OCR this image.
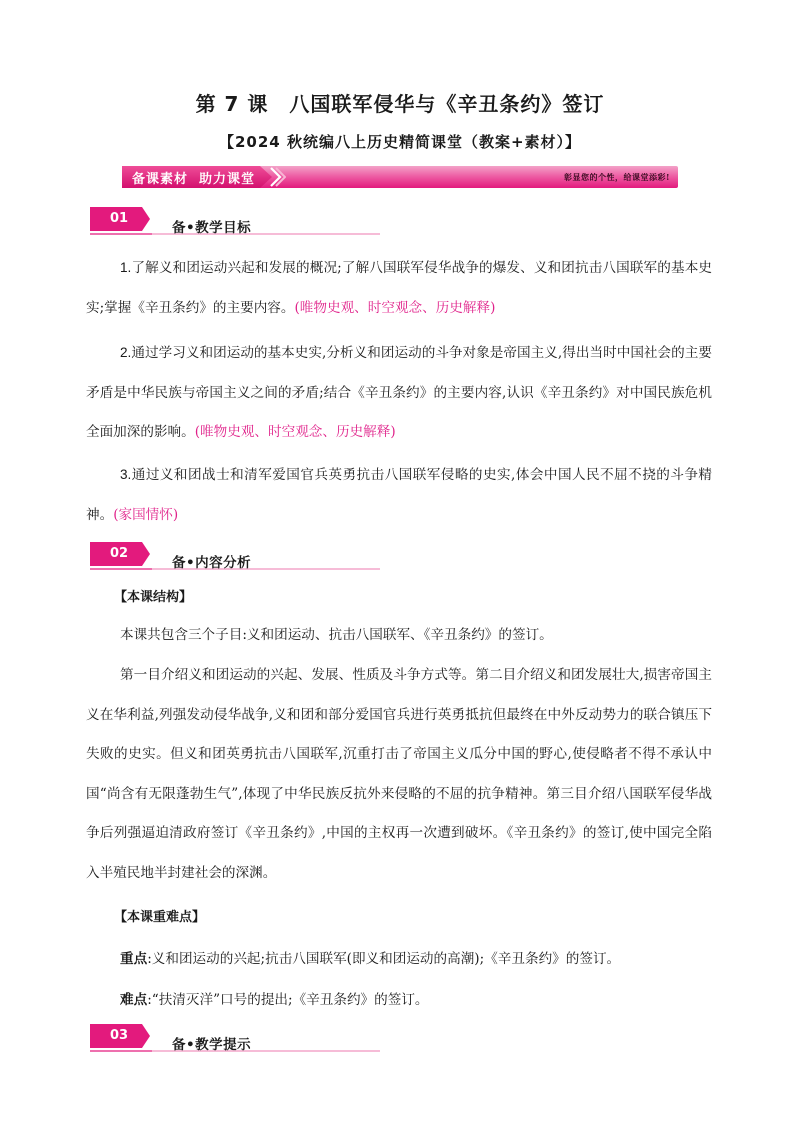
第 7 课　八国联军侵华与《辛丑条约》签订
【2024 秋统编八上历史精简课堂（教案+素材）】
备课素材  助力课堂	彰显您的个性，给课堂添彩!
01
备•教学目标
1.了解义和团运动兴起和发展的概况;了解八国联军侵华战争的爆发、义和团抗击八国联军的基本史实;掌握《辛丑条约》的主要内容。(唯物史观、时空观念、历史解释)
2.通过学习义和团运动的基本史实,分析义和团运动的斗争对象是帝国主义,得出当时中国社会的主要矛盾是中华民族与帝国主义之间的矛盾;结合《辛丑条约》的主要内容,认识《辛丑条约》对中国民族危机全面加深的影响。(唯物史观、时空观念、历史解释)
3.通过义和团战士和清军爱国官兵英勇抗击八国联军侵略的史实,体会中国人民不屈不挠的斗争精神。(家国情怀)
02
备•内容分析
【本课结构】
本课共包含三个子目:义和团运动、抗击八国联军、《辛丑条约》的签订。
第一目介绍义和团运动的兴起、发展、性质及斗争方式等。第二目介绍义和团发展壮大,损害帝国主义在华利益,列强发动侵华战争,义和团和部分爱国官兵进行英勇抵抗但最终在中外反动势力的联合镇压下失败的史实。但义和团英勇抗击八国联军,沉重打击了帝国主义瓜分中国的野心,使侵略者不得不承认中国“尚含有无限蓬勃生气”,体现了中华民族反抗外来侵略的不屈的抗争精神。第三目介绍八国联军侵华战争后列强逼迫清政府签订《辛丑条约》,中国的主权再一次遭到破坏。《辛丑条约》的签订,使中国完全陷入半殖民地半封建社会的深渊。
【本课重难点】
重点:义和团运动的兴起;抗击八国联军(即义和团运动的高潮);《辛丑条约》的签订。
难点:“扶清灭洋”口号的提出;《辛丑条约》的签订。
03
备•教学提示
